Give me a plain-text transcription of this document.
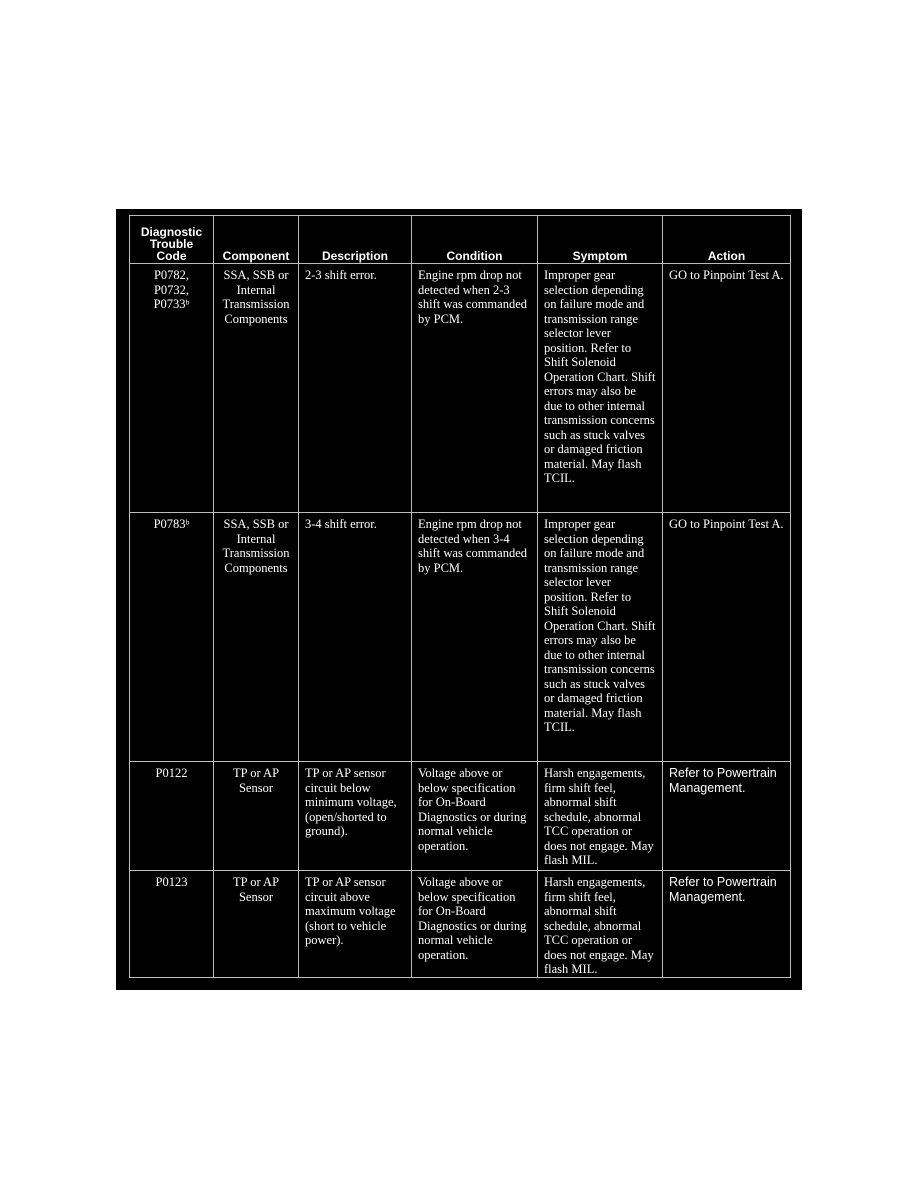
Diagnostic Trouble Code	Component	Description	Condition	Symptom	Action
P0782, P0732, P0733ᵇ	SSA, SSB or Internal Transmission Components	2-3 shift error.	Engine rpm drop not detected when 2-3 shift was commanded by PCM.	Improper gear selection depending on failure mode and transmission range selector lever position. Refer to Shift Solenoid Operation Chart. Shift errors may also be due to other internal transmission concerns such as stuck valves or damaged friction material. May flash TCIL.	GO to Pinpoint Test A.
P0783ᵇ	SSA, SSB or Internal Transmission Components	3-4 shift error.	Engine rpm drop not detected when 3-4 shift was commanded by PCM.	Improper gear selection depending on failure mode and transmission range selector lever position. Refer to Shift Solenoid Operation Chart. Shift errors may also be due to other internal transmission concerns such as stuck valves or damaged friction material. May flash TCIL.	GO to Pinpoint Test A.
P0122	TP or AP Sensor	TP or AP sensor circuit below minimum voltage, (open/shorted to ground).	Voltage above or below specification for On-Board Diagnostics or during normal vehicle operation.	Harsh engagements, firm shift feel, abnormal shift schedule, abnormal TCC operation or does not engage. May flash MIL.	Refer to Powertrain Management.
P0123	TP or AP Sensor	TP or AP sensor circuit above maximum voltage (short to vehicle power).	Voltage above or below specification for On-Board Diagnostics or during normal vehicle operation.	Harsh engagements, firm shift feel, abnormal shift schedule, abnormal TCC operation or does not engage. May flash MIL.	Refer to Powertrain Management.
